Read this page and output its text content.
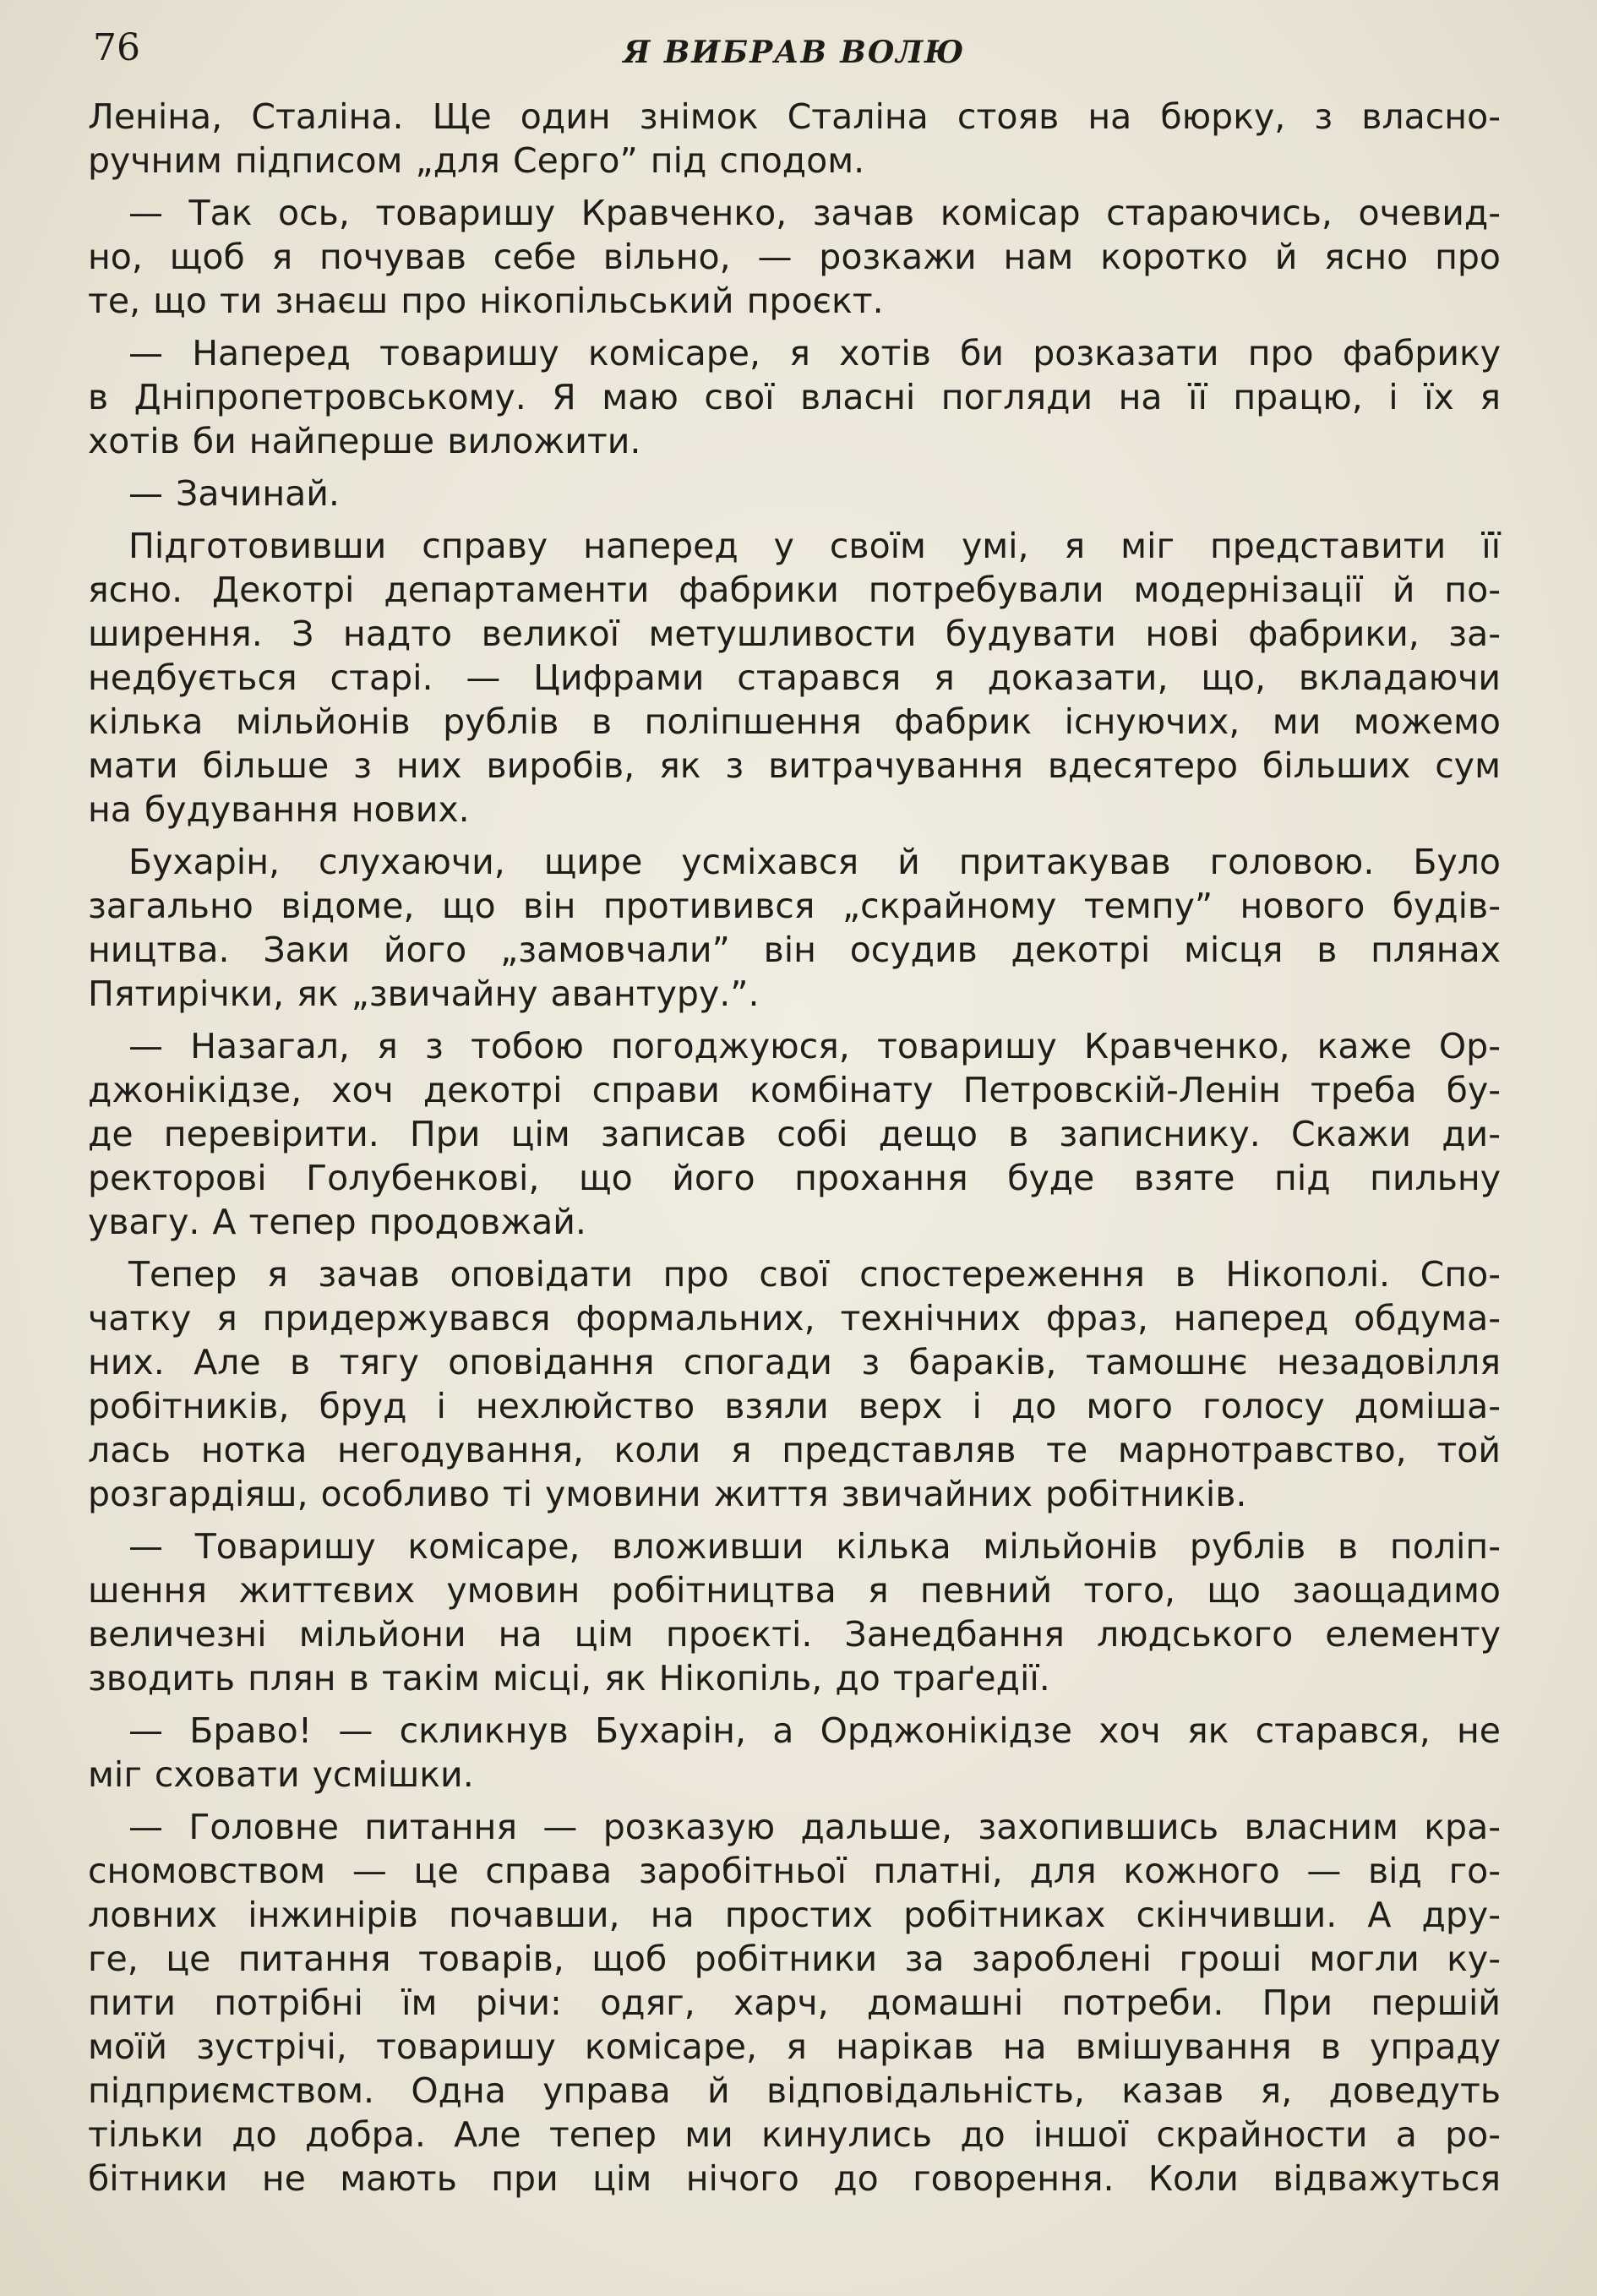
76	Я ВИБРАВ ВОЛЮ

Леніна, Сталіна. Ще один знімок Сталіна стояв на бюрку, з власно-
ручним підписом „для Серго” під сподом.

— Так ось, товаришу Кравченко, зачав комісар стараючись, очевид-
но, щоб я почував себе вільно, — розкажи нам коротко й ясно про
те, що ти знаєш про нікопільський проєкт.

— Наперед товаришу комісаре, я хотів би розказати про фабрику
в Дніпропетровському. Я маю свої власні погляди на її працю, і їх я
хотів би найперше виложити.

— Зачинай.

Підготовивши справу наперед у своїм умі, я міг представити її
ясно. Декотрі департаменти фабрики потребували модернізації й по-
ширення. З надто великої метушливости будувати нові фабрики, за-
недбується старі. — Цифрами старався я доказати, що, вкладаючи
кілька мільйонів рублів в поліпшення фабрик існуючих, ми можемо
мати більше з них виробів, як з витрачування вдесятеро більших сум
на будування нових.

Бухарін, слухаючи, щире усміхався й притакував головою. Було
загально відоме, що він противився „скрайному темпу” нового будів-
ництва. Заки його „замовчали” він осудив декотрі місця в плянах
Пятирічки, як „звичайну авантуру.”.

— Назагал, я з тобою погоджуюся, товаришу Кравченко, каже Ор-
джонікідзе, хоч декотрі справи комбінату Петровскій-Ленін треба бу-
де перевірити. При цім записав собі дещо в записнику. Скажи ди-
ректорові Голубенкові, що його прохання буде взяте під пильну
увагу. А тепер продовжай.

Тепер я зачав оповідати про свої спостереження в Нікополі. Спо-
чатку я придержувався формальних, технічних фраз, наперед обдума-
них. Але в тягу оповідання спогади з бараків, тамошнє незадовілля
робітників, бруд і нехлюйство взяли верх і до мого голосу доміша-
лась нотка негодування, коли я представляв те марнотравство, той
розгардіяш, особливо ті умовини життя звичайних робітників.

— Товаришу комісаре, вложивши кілька мільйонів рублів в поліп-
шення життєвих умовин робітництва я певний того, що заощадимо
величезні мільйони на цім проєкті. Занедбання людського елементу
зводить плян в такім місці, як Нікопіль, до траґедії.

— Браво! — скликнув Бухарін, а Орджонікідзе хоч як старався, не
міг сховати усмішки.

— Головне питання — розказую дальше, захопившись власним кра-
сномовством — це справа заробітньої платні, для кожного — від го-
ловних інжинірів почавши, на простих робітниках скінчивши. А дру-
ге, це питання товарів, щоб робітники за зароблені гроші могли ку-
пити потрібні їм річи: одяг, харч, домашні потреби. При першій
моїй зустрічі, товаришу комісаре, я нарікав на вмішування в упраду
підприємством. Одна управа й відповідальність, казав я, доведуть
тільки до добра. Але тепер ми кинулись до іншої скрайности а ро-
бітники не мають при цім нічого до говорення. Коли відважуться
